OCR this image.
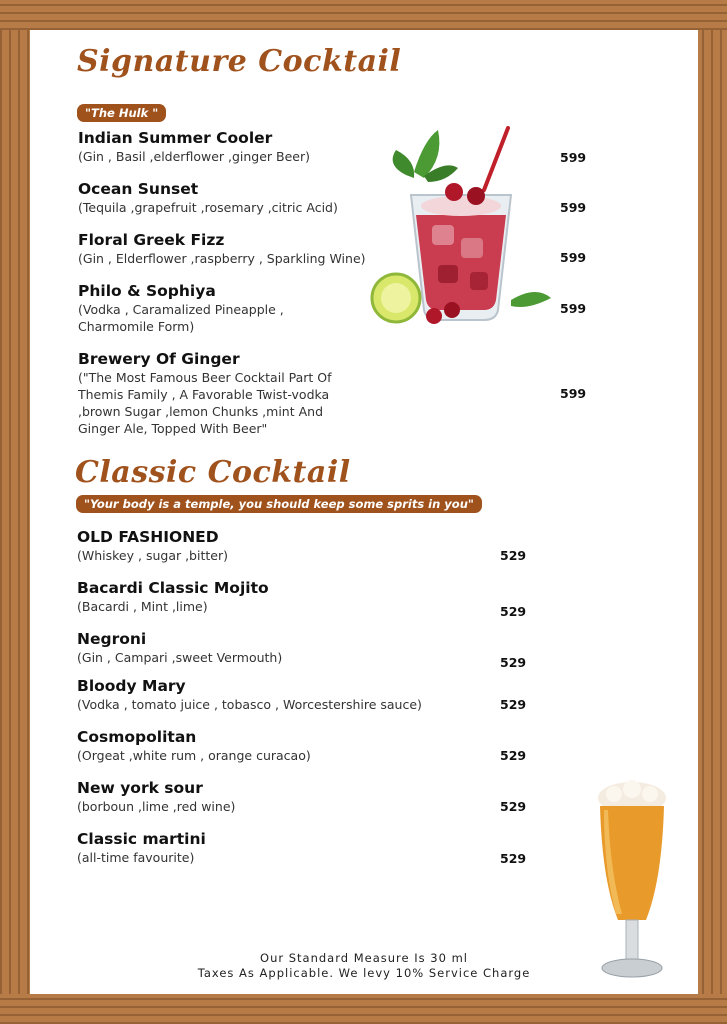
Signature Cocktail
"The Hulk "
Indian Summer Cooler
(Gin , Basil ,elderflower ,ginger Beer)	599
Ocean Sunset
(Tequila ,grapefruit ,rosemary ,citric Acid)	599
Floral Greek Fizz
(Gin , Elderflower ,raspberry , Sparkling Wine)	599
Philo & Sophiya
(Vodka , Caramalized Pineapple , Charmomile Form)
599
Brewery Of Ginger
("The Most Famous Beer Cocktail Part Of Themis Family , A Favorable Twist-vodka ,brown Sugar ,lemon Chunks ,mint And Ginger Ale, Topped With Beer"
599
Classic Cocktail
"Your body is a temple, you should keep some sprits in you"
OLD FASHIONED
(Whiskey , sugar ,bitter)	529
Bacardi Classic Mojito
(Bacardi , Mint ,lime)	529
Negroni
(Gin , Campari ,sweet Vermouth)	529
Bloody Mary
(Vodka , tomato juice , tobasco , Worcestershire sauce)	529
Cosmopolitan
(Orgeat ,white rum , orange curacao)	529
New york sour
(borboun ,lime ,red wine)	529
Classic martini
(all-time favourite)	529
Our Standard Measure Is 30 ml
Taxes As Applicable. We levy 10% Service Charge
